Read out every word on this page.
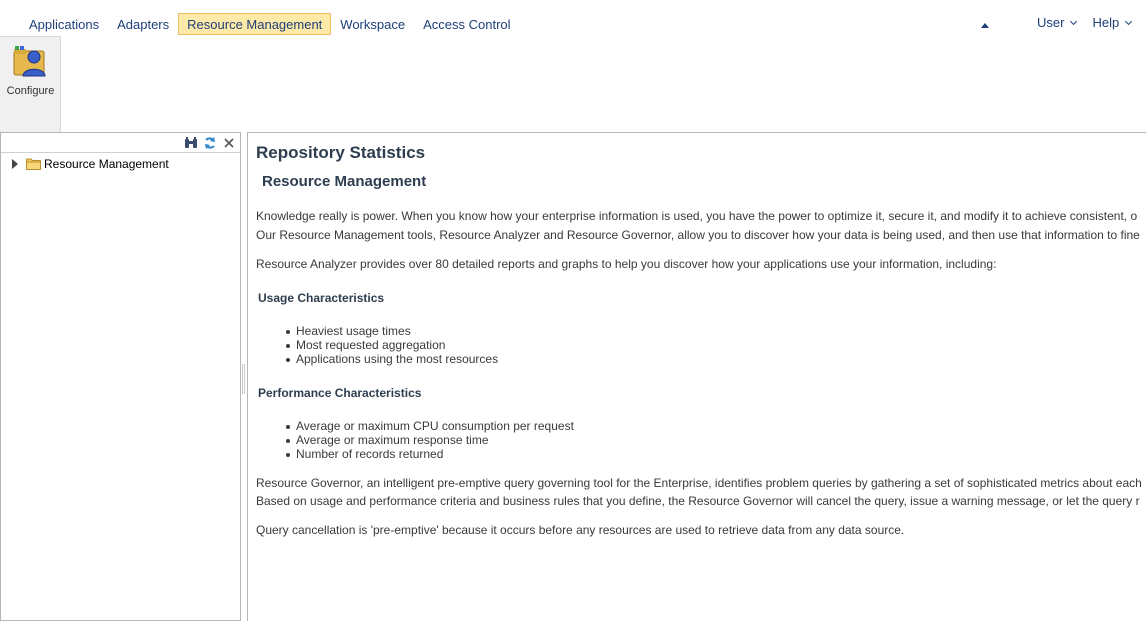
Applications	Adapters	Resource Management	Workspace	Access Control	User Help
Configure
Resource Management
Repository Statistics
Resource Management
Knowledge really is power. When you know how your enterprise information is used, you have the power to optimize it, secure it, and modify it to achieve consistent, o
Our Resource Management tools, Resource Analyzer and Resource Governor, allow you to discover how your data is being used, and then use that information to fine
Resource Analyzer provides over 80 detailed reports and graphs to help you discover how your applications use your information, including:
Usage Characteristics
Heaviest usage times
Most requested aggregation
Applications using the most resources
Performance Characteristics
Average or maximum CPU consumption per request
Average or maximum response time
Number of records returned
Resource Governor, an intelligent pre-emptive query governing tool for the Enterprise, identifies problem queries by gathering a set of sophisticated metrics about each
Based on usage and performance criteria and business rules that you define, the Resource Governor will cancel the query, issue a warning message, or let the query r
Query cancellation is 'pre-emptive' because it occurs before any resources are used to retrieve data from any data source.
